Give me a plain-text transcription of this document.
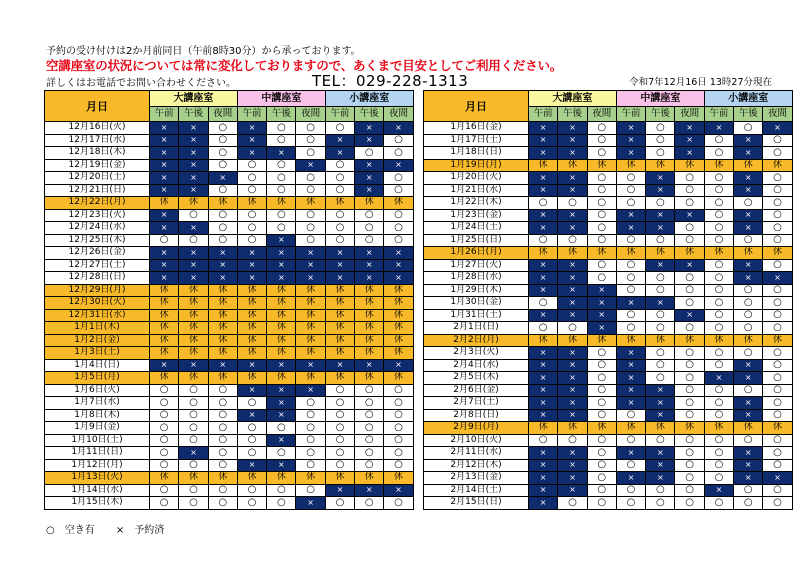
予約の受け付けは2か月前同日（午前8時30分）から承っております。
空講座室の状況については常に変化しておりますので、あくまで目安としてご利用ください。
詳しくはお電話でお問い合わせください。	TEL：029-228-1313	令和7年12月16日 13時27分現在
月日	大講座室			中講座室			小講座室		
	午前	午後	夜間	午前	午後	夜間	午前	午後	夜間
12月16日(火)	×	×	○	×	○	○	○	×	×
12月17日(水)	×	×	○	×	○	○	×	×	○
12月18日(木)	×	×	○	×	×	○	×	○	○
12月19日(金)	×	×	○	○	○	×	○	×	×
12月20日(土)	×	×	×	○	○	○	○	×	○
12月21日(日)	×	×	○	○	○	○	○	×	○
12月22日(月)	休	休	休	休	休	休	休	休	休
12月23日(火)	×	○	○	○	○	○	○	○	○
12月24日(水)	×	×	○	○	○	○	○	○	○
12月25日(木)	○	○	○	○	×	○	○	○	○
12月26日(金)	×	×	×	×	×	×	×	×	×
12月27日(土)	×	×	×	×	×	×	×	×	×
12月28日(日)	×	×	×	×	×	×	×	×	×
12月29日(月)	休	休	休	休	休	休	休	休	休
12月30日(火)	休	休	休	休	休	休	休	休	休
12月31日(水)	休	休	休	休	休	休	休	休	休
1月1日(木)	休	休	休	休	休	休	休	休	休
1月2日(金)	休	休	休	休	休	休	休	休	休
1月3日(土)	休	休	休	休	休	休	休	休	休
1月4日(日)	×	×	×	×	×	×	×	×	×
1月5日(月)	休	休	休	休	休	休	休	休	休
1月6日(火)	○	○	○	×	×	×	○	○	○
1月7日(水)	○	○	○	○	×	○	○	○	○
1月8日(木)	○	○	○	×	×	○	○	○	○
1月9日(金)	○	○	○	○	○	○	○	○	○
1月10日(土)	○	○	○	○	×	○	○	○	○
1月11日(日)	○	×	○	○	○	○	○	○	○
1月12日(月)	○	○	○	×	×	○	○	○	○
1月13日(火)	休	休	休	休	休	休	休	休	休
1月14日(水)	○	○	○	○	○	○	×	×	×
1月15日(木)	○	○	○	○	○	×	○	○	○
月日	大講座室			中講座室			小講座室		
	午前	午後	夜間	午前	午後	夜間	午前	午後	夜間
1月16日(金)	×	×	○	×	○	×	×	○	×
1月17日(土)	×	×	○	×	○	×	○	×	○
1月18日(日)	×	×	○	×	○	×	○	×	○
1月19日(月)	休	休	休	休	休	休	休	休	休
1月20日(火)	×	×	○	○	×	○	○	×	○
1月21日(水)	×	×	○	○	×	○	○	×	○
1月22日(木)	○	○	○	○	○	○	○	○	○
1月23日(金)	×	×	○	×	×	×	○	×	○
1月24日(土)	×	×	○	×	×	○	○	×	○
1月25日(日)	○	○	○	○	○	○	○	○	○
1月26日(月)	休	休	休	休	休	休	休	休	休
1月27日(火)	×	×	○	○	×	×	○	×	○
1月28日(水)	×	×	○	○	○	○	○	×	×
1月29日(木)	×	×	×	○	○	○	○	○	○
1月30日(金)	○	×	×	×	×	○	○	○	○
1月31日(土)	×	×	×	○	○	×	○	○	○
2月1日(日)	○	○	×	○	○	○	○	○	○
2月2日(月)	休	休	休	休	休	休	休	休	休
2月3日(火)	×	×	○	×	○	○	○	○	○
2月4日(水)	×	×	○	×	○	○	○	×	○
2月5日(木)	×	×	○	×	○	○	×	×	○
2月6日(金)	×	×	○	×	×	○	○	○	○
2月7日(土)	×	×	○	×	×	○	○	×	○
2月8日(日)	×	×	○	○	×	○	○	×	○
2月9日(月)	休	休	休	休	休	休	休	休	休
2月10日(火)	○	○	○	○	○	○	○	○	○
2月11日(水)	×	×	○	×	×	○	○	×	○
2月12日(木)	×	×	○	○	×	○	○	×	○
2月13日(金)	×	×	○	×	×	○	○	×	×
2月14日(土)	×	×	○	○	○	○	×	○	○
2月15日(日)	×	○	○	○	○	○	○	○	○
○　空き有 ×　予約済
